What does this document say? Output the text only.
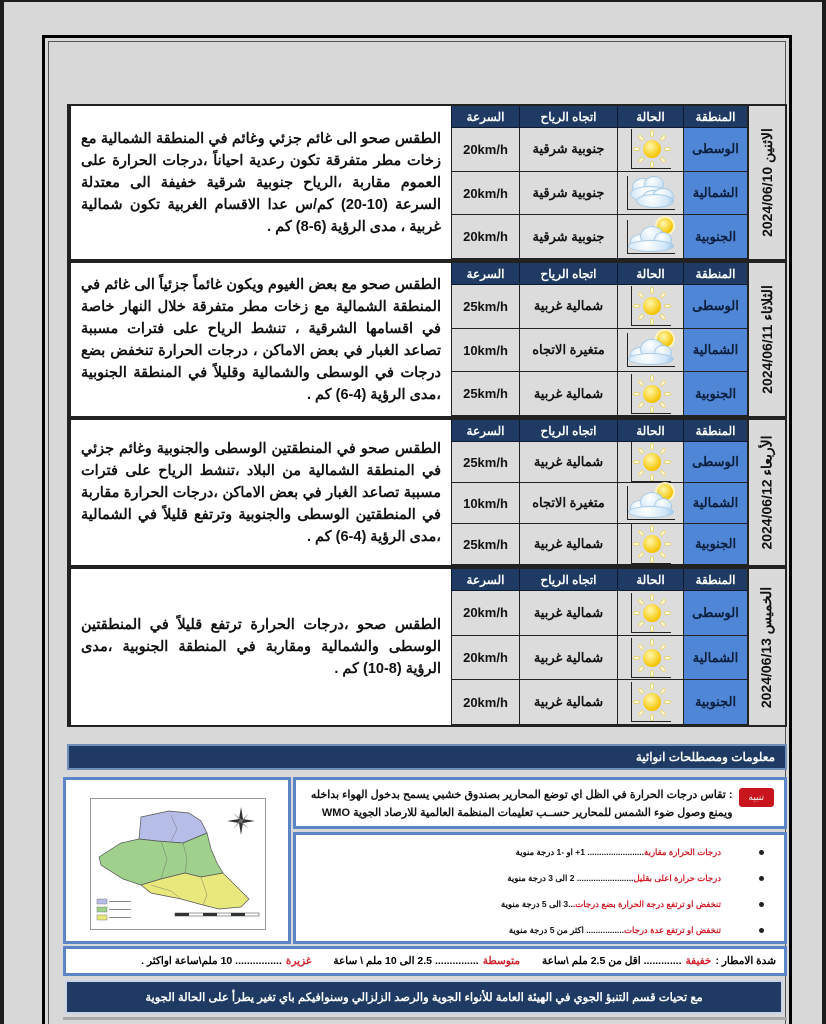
الاثنين 2024/06/10
المنطقة
الحالة
اتجاه الرياح
السرعة
الوسطى
جنوبية شرقية
20km/h
الشمالية
جنوبية شرقية
20km/h
الجنوبية
جنوبية شرقية
20km/h

الطقس صحو الى غائم جزئي وغائم في المنطقة الشمالية مع زخات مطر متفرقة تكون رعدية احياناً ،درجات الحرارة على العموم مقاربة ،الرياح جنوبية شرقية خفيفة الى معتدلة السرعة (10-20) كم/س عدا الاقسام الغربية تكون شمالية غربية ، مدى الرؤية (6-8) كم .

الثلاثاء 2024/06/11
المنطقة
الحالة
اتجاه الرياح
السرعة
الوسطى
شمالية غربية
25km/h
الشمالية
متغيرة الاتجاه
10km/h
الجنوبية
شمالية غربية
25km/h

الطقس صحو مع بعض الغيوم ويكون غائماً جزئياً الى غائم في المنطقة الشمالية مع زخات مطر متفرقة خلال النهار خاصة في اقسامها الشرقية ، تنشط الرياح على فترات مسببة تصاعد الغبار في بعض الاماكن ، درجات الحرارة تنخفض بضع درجات في الوسطى والشمالية وقليلاً في المنطقة الجنوبية ،مدى الرؤية (4-6) كم .

الأربعاء 2024/06/12
المنطقة
الحالة
اتجاه الرياح
السرعة
الوسطى
شمالية غربية
25km/h
الشمالية
متغيرة الاتجاه
10km/h
الجنوبية
شمالية غربية
25km/h

الطقس صحو في المنطقتين الوسطى والجنوبية وغائم جزئي في المنطقة الشمالية من البلاد ،تنشط الرياح على فترات مسببة تصاعد الغبار في بعض الاماكن ،درجات الحرارة مقاربة في المنطقتين الوسطى والجنوبية وترتفع قليلاً في الشمالية ،مدى الرؤية (4-6) كم .

الخميس 2024/06/13
المنطقة
الحالة
اتجاه الرياح
السرعة
الوسطى
شمالية غربية
20km/h
الشمالية
شمالية غربية
20km/h
الجنوبية
شمالية غربية
20km/h

الطقس صحو ،درجات الحرارة ترتفع قليلاً في المنطقتين الوسطى والشمالية ومقاربة في المنطقة الجنوبية ،مدى الرؤية (8-10) كم .

معلومات ومصطلحات انوائية
تنبيه
: تقاس درجات الحرارة في الظل اي توضع المحارير بصندوق خشبي يسمح بدخول الهواء بداخله ويمنع وصول ضوء الشمس للمحارير حســب تعليمات المنظمة العالمية للارصاد الجوية WMO
درجات الحرارة مقاربة
........................ 1+ او -1 درجة منوية
درجات حرارة اعلى بقليل
........................ 2 الى 3 درجة منوية
تنخفض او ترتفع درجة الحرارة بضع درجات
...3 الى 5 درجة منوية
تنخفض او ترتفع عدة درجات
................ اكثر من 5 درجة منوية
شدة الامطار :
خفيفة
............. اقل من 2.5 ملم \ساعة
متوسطة
............... 2.5 الى 10 ملم \ ساعة
غزيرة
................ 10 ملم\ساعة اواكثر .
مع تحيات قسم التنبؤ الجوي في الهيئة العامة للأنواء الجوية والرصد الزلزالي وسنوافيكم باي تغير يطرأ على الحالة الجوية
